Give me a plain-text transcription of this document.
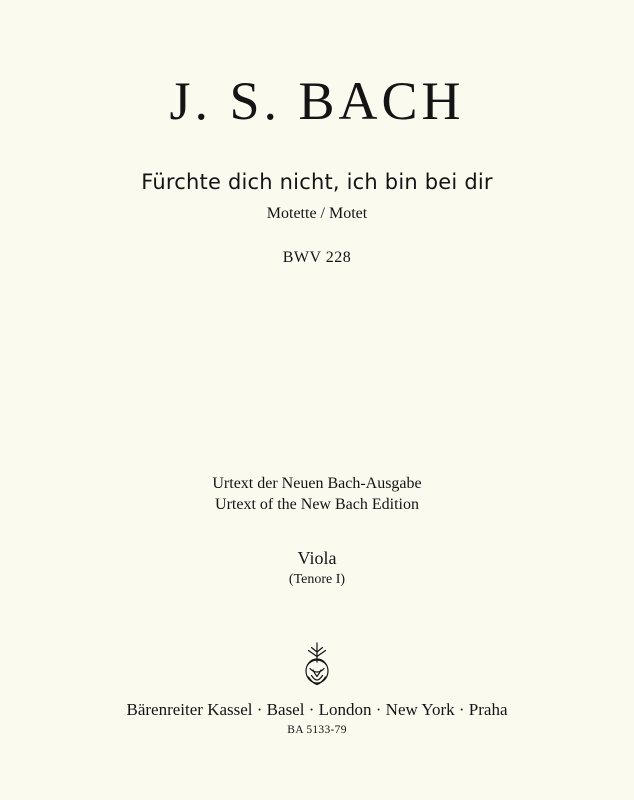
J. S. BACH
Fürchte dich nicht, ich bin bei dir
Motette / Motet
BWV 228
Urtext der Neuen Bach-Ausgabe
Urtext of the New Bach Edition
Viola
(Tenore I)
Bärenreiter Kassel · Basel · London · New York · Praha
BA 5133-79
